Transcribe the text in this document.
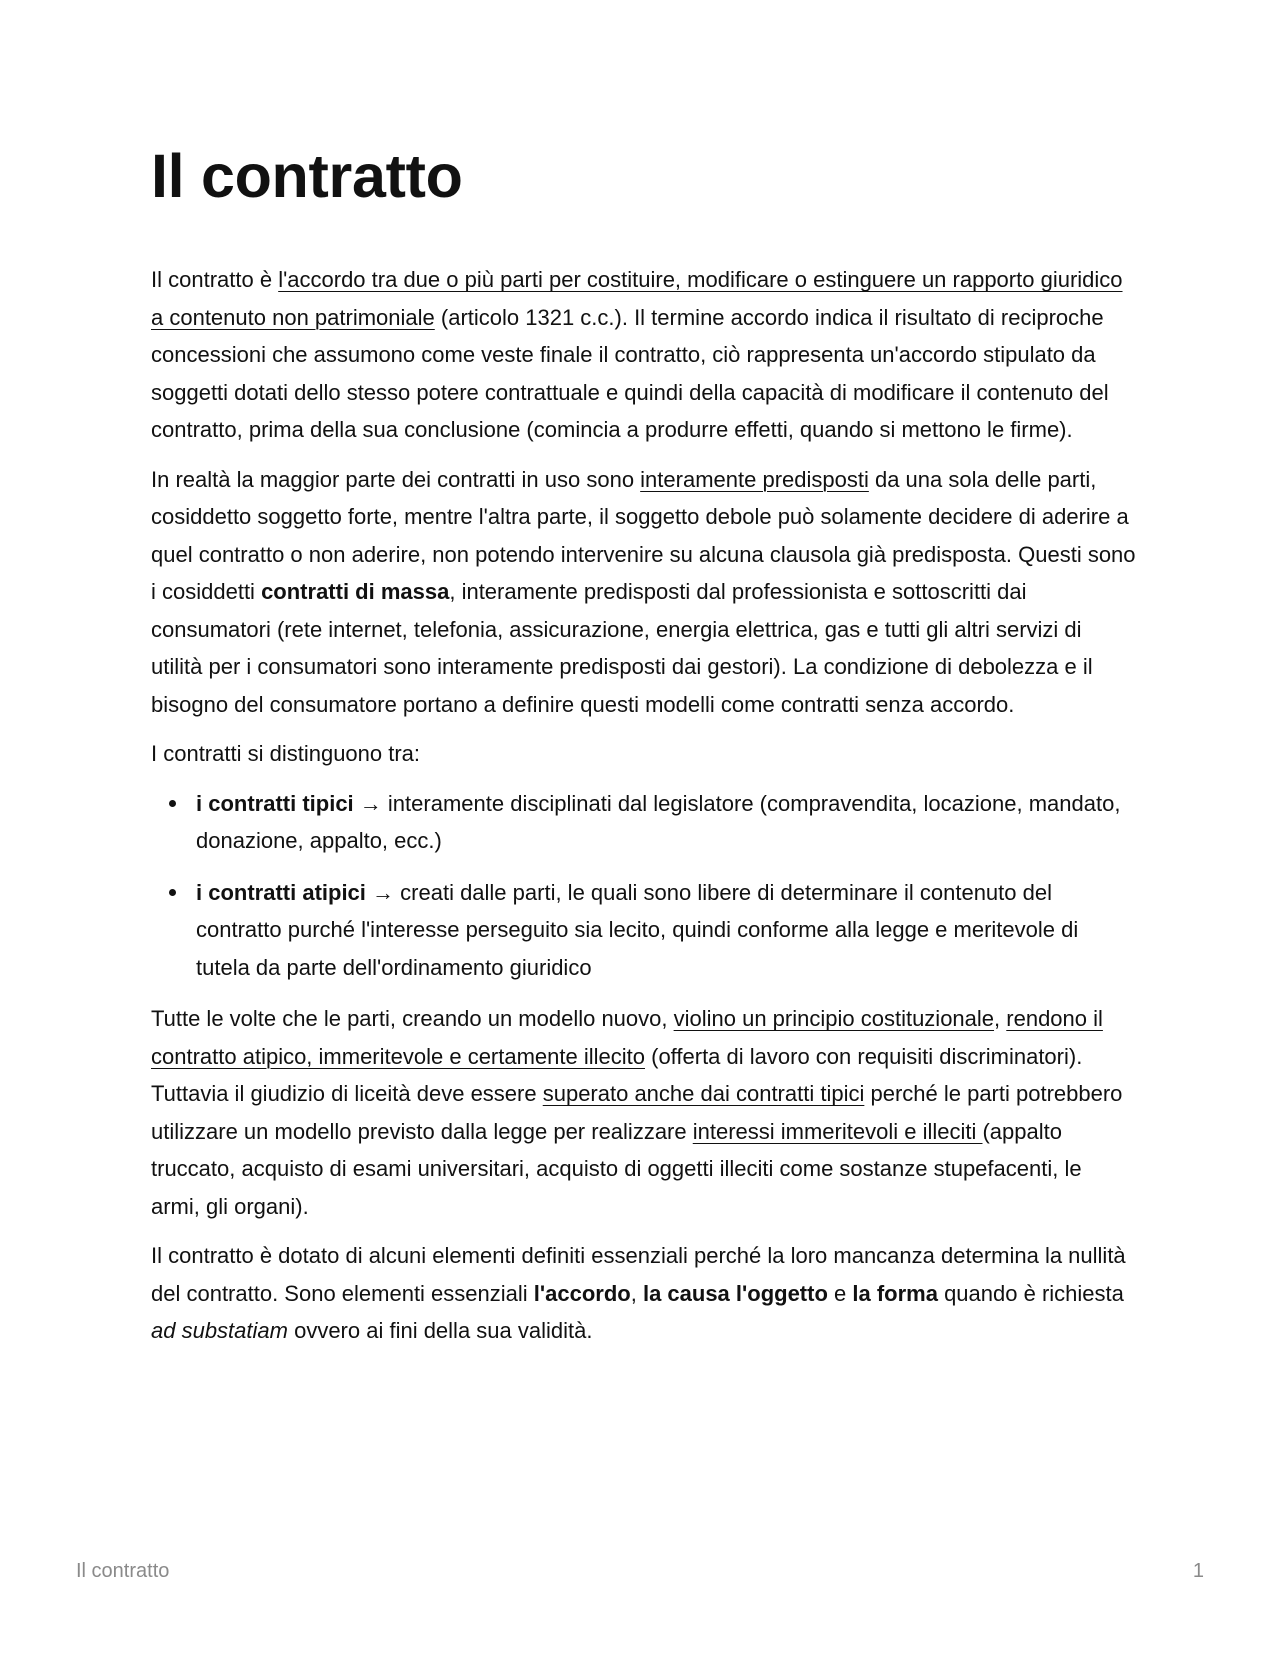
Il contratto

Il contratto è l'accordo tra due o più parti per costituire, modificare o estinguere un rapporto giuridico a contenuto non patrimoniale (articolo 1321 c.c.). Il termine accordo indica il risultato di reciproche concessioni che assumono come veste finale il contratto, ciò rappresenta un'accordo stipulato da soggetti dotati dello stesso potere contrattuale e quindi della capacità di modificare il contenuto del contratto, prima della sua conclusione (comincia a produrre effetti, quando si mettono le firme).

In realtà la maggior parte dei contratti in uso sono interamente predisposti da una sola delle parti, cosiddetto soggetto forte, mentre l'altra parte, il soggetto debole può solamente decidere di aderire a quel contratto o non aderire, non potendo intervenire su alcuna clausola già predisposta. Questi sono i cosiddetti contratti di massa, interamente predisposti dal professionista e sottoscritti dai consumatori (rete internet, telefonia, assicurazione, energia elettrica, gas e tutti gli altri servizi di utilità per i consumatori sono interamente predisposti dai gestori). La condizione di debolezza e il bisogno del consumatore portano a definire questi modelli come contratti senza accordo.

I contratti si distinguono tra:

i contratti tipici → interamente disciplinati dal legislatore (compravendita, locazione, mandato, donazione, appalto, ecc.)
i contratti atipici → creati dalle parti, le quali sono libere di determinare il contenuto del contratto purché l'interesse perseguito sia lecito, quindi conforme alla legge e meritevole di tutela da parte dell'ordinamento giuridico

Tutte le volte che le parti, creando un modello nuovo, violino un principio costituzionale, rendono il contratto atipico, immeritevole e certamente illecito (offerta di lavoro con requisiti discriminatori). Tuttavia il giudizio di liceità deve essere superato anche dai contratti tipici perché le parti potrebbero utilizzare un modello previsto dalla legge per realizzare interessi immeritevoli e illeciti (appalto truccato, acquisto di esami universitari, acquisto di oggetti illeciti come sostanze stupefacenti, le armi, gli organi).

Il contratto è dotato di alcuni elementi definiti essenziali perché la loro mancanza determina la nullità del contratto. Sono elementi essenziali l'accordo, la causa l'oggetto e la forma quando è richiesta ad substatiam ovvero ai fini della sua validità.

Il contratto	1
